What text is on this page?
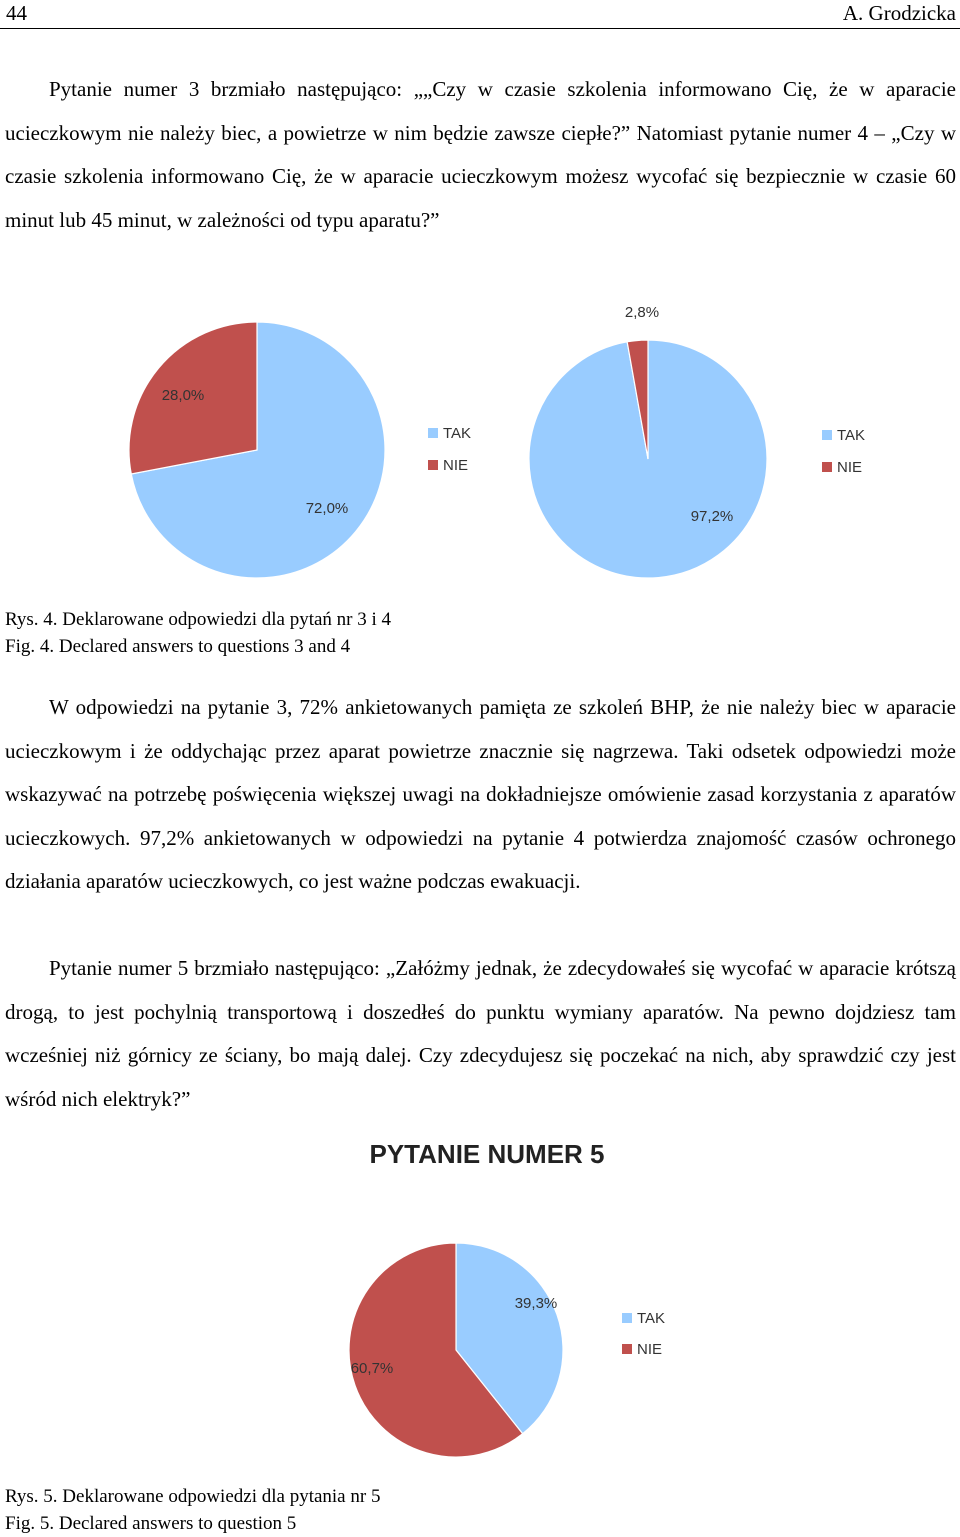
44	A. Grodzicka

Pytanie numer 3 brzmiało następująco: „„Czy w czasie szkolenia informowano Cię, że w aparacie ucieczkowym nie należy biec, a powietrze w nim będzie zawsze ciepłe?” Natomiast pytanie numer 4 – „Czy w czasie szkolenia informowano Cię, że w aparacie ucieczkowym możesz wycofać się bezpiecznie w czasie 60 minut lub 45 minut, w zależności od typu aparatu?”

72,0%
28,0%
TAK
NIE
97,2%
2,8%
TAK
NIE

Rys. 4. Deklarowane odpowiedzi dla pytań nr 3 i 4

Fig. 4. Declared answers to questions 3 and 4

W odpowiedzi na pytanie 3, 72% ankietowanych pamięta ze szkoleń BHP, że nie należy biec w aparacie ucieczkowym i że oddychając przez aparat powietrze znacznie się nagrzewa. Taki odsetek odpowiedzi może wskazywać na potrzebę poświęcenia większej uwagi na dokładniejsze omówienie zasad korzystania z aparatów ucieczkowych. 97,2% ankietowanych w odpowiedzi na pytanie 4 potwierdza znajomość czasów ochronego działania aparatów ucieczkowych, co jest ważne podczas ewakuacji.

Pytanie numer 5 brzmiało następująco: „Załóżmy jednak, że zdecydowałeś się wycofać w aparacie krótszą drogą, to jest pochylnią transportową i doszedłeś do punktu wymiany aparatów. Na pewno dojdziesz tam wcześniej niż górnicy ze ściany, bo mają dalej. Czy zdecydujesz się poczekać na nich, aby sprawdzić czy jest wśród nich elektryk?”

PYTANIE NUMER 5
39,3%
60,7%
TAK
NIE

Rys. 5. Deklarowane odpowiedzi dla pytania nr 5

Fig. 5. Declared answers to question 5
